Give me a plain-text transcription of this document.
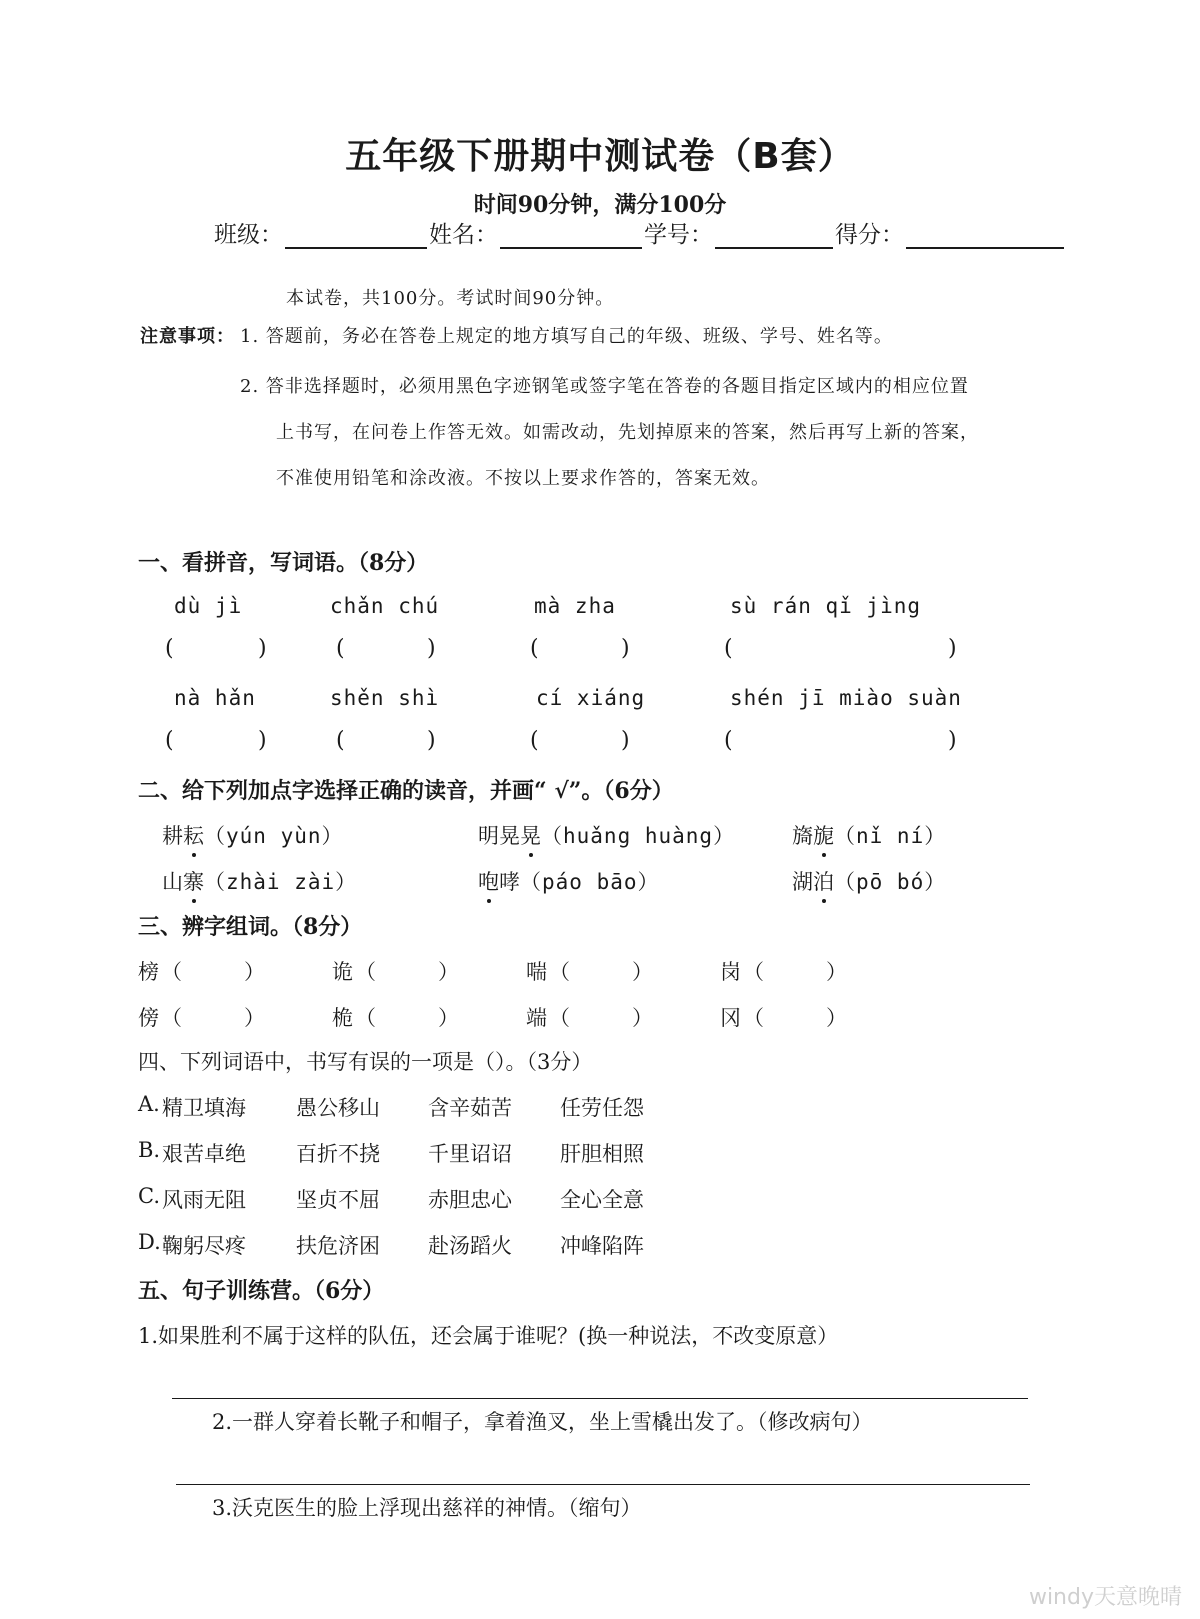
五年级下册期中测试卷（B套）
时间90分钟，满分100分
班级：	姓名：	学号：	得分：
本试卷，共100分。考试时间90分钟。
注意事项： 1. 答题前，务必在答卷上规定的地方填写自己的年级、班级、学号、姓名等。
2. 答非选择题时，必须用黑色字迹钢笔或签字笔在答卷的各题目指定区域内的相应位置
上书写，在问卷上作答无效。如需改动，先划掉原来的答案，然后再写上新的答案，
不准使用铅笔和涂改液。不按以上要求作答的，答案无效。
一、看拼音，写词语。（8分）
dù jì	chǎn chú	mà zha	sù rán qǐ jìng
(	)	(	)	(	)	(	)
nà hǎn	shěn shì	cí xiáng	shén jī miào suàn
(	)	(	)	(	)	(	)
二、给下列加点字选择正确的读音，并画“ √”。（6分）
耕耘（yún yùn）	明晃晃（huǎng huàng）	旖旎（nǐ ní）
山寨（zhài zài）	咆哮（páo bāo）	湖泊（pō bó）
三、辨字组词。（8分）
榜（	）	诡（	）	喘（	）	岗（	）
傍（	）	桅（	）	端（	）	冈（	）
四、下列词语中，书写有误的一项是（）。（3分）
A. 精卫填海 愚公移山 含辛茹苦 任劳任怨
B. 艰苦卓绝 百折不挠 千里诏诏 肝胆相照
C. 风雨无阻 坚贞不屈 赤胆忠心 全心全意
D. 鞠躬尽疼 扶危济困 赴汤蹈火 冲峰陷阵
五、句子训练营。（6分）
1.如果胜利不属于这样的队伍，还会属于谁呢？(换一种说法，不改变原意）
2.一群人穿着长靴子和帽子，拿着渔叉，坐上雪橇出发了。（修改病句）
3.沃克医生的脸上浮现出慈祥的神情。（缩句）
windy天意晚晴
